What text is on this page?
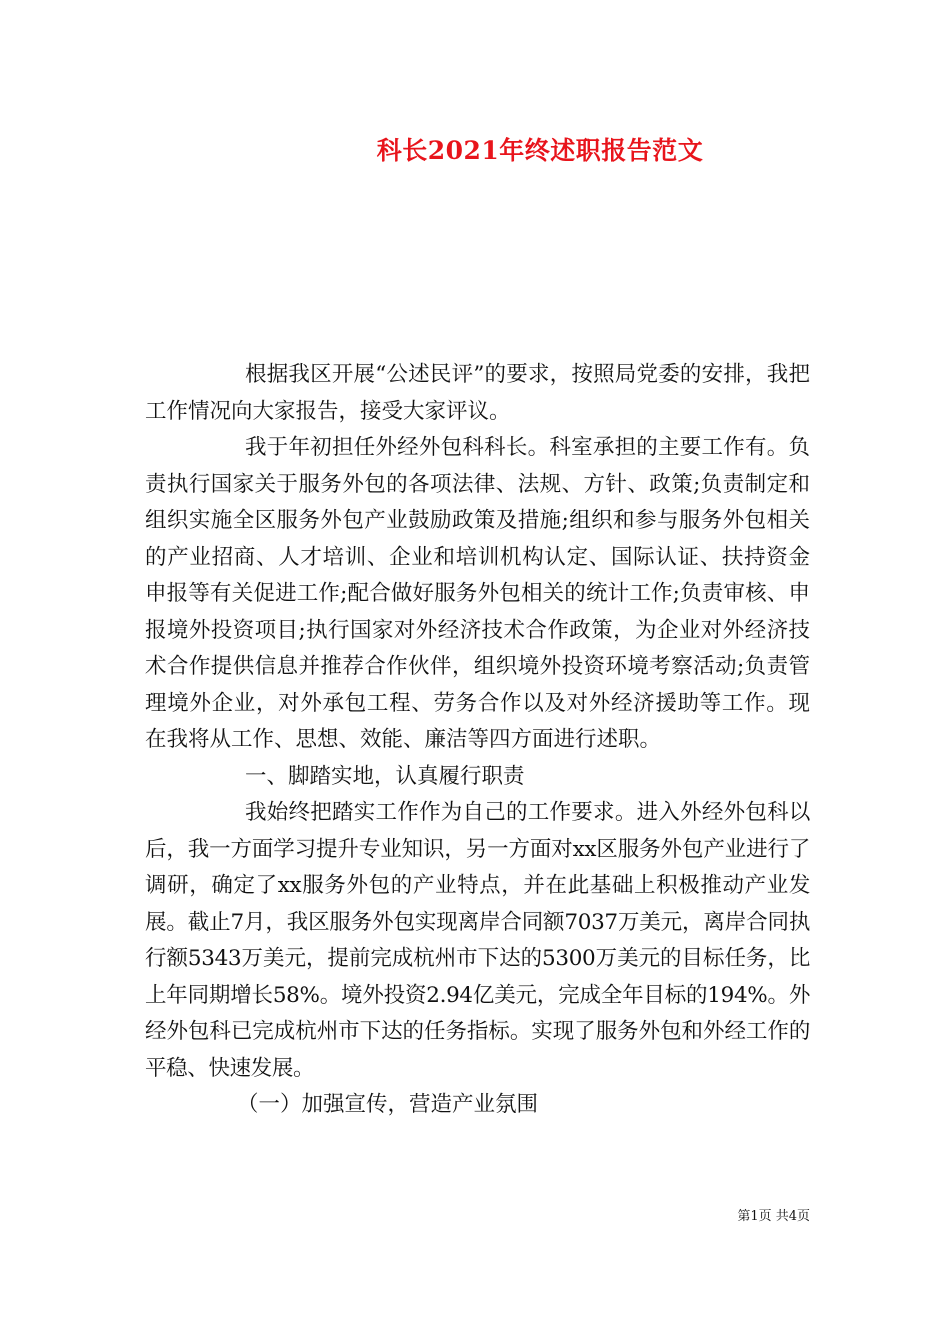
科长2021年终述职报告范文

根据我区开展“公述民评”的要求，按照局党委的安排，我把工作情况向大家报告，接受大家评议。

我于年初担任外经外包科科长。科室承担的主要工作有。负责执行国家关于服务外包的各项法律、法规、方针、政策;负责制定和组织实施全区服务外包产业鼓励政策及措施;组织和参与服务外包相关的产业招商、人才培训、企业和培训机构认定、国际认证、扶持资金申报等有关促进工作;配合做好服务外包相关的统计工作;负责审核、申报境外投资项目;执行国家对外经济技术合作政策，为企业对外经济技术合作提供信息并推荐合作伙伴，组织境外投资环境考察活动;负责管理境外企业，对外承包工程、劳务合作以及对外经济援助等工作。现在我将从工作、思想、效能、廉洁等四方面进行述职。

一、脚踏实地，认真履行职责

我始终把踏实工作作为自己的工作要求。进入外经外包科以后，我一方面学习提升专业知识，另一方面对xx区服务外包产业进行了调研，确定了xx服务外包的产业特点，并在此基础上积极推动产业发展。截止7月，我区服务外包实现离岸合同额7037万美元，离岸合同执行额5343万美元，提前完成杭州市下达的5300万美元的目标任务，比上年同期增长58%。境外投资2.94亿美元，完成全年目标的194%。外经外包科已完成杭州市下达的任务指标。实现了服务外包和外经工作的平稳、快速发展。

（一）加强宣传，营造产业氛围

第1页 共4页
